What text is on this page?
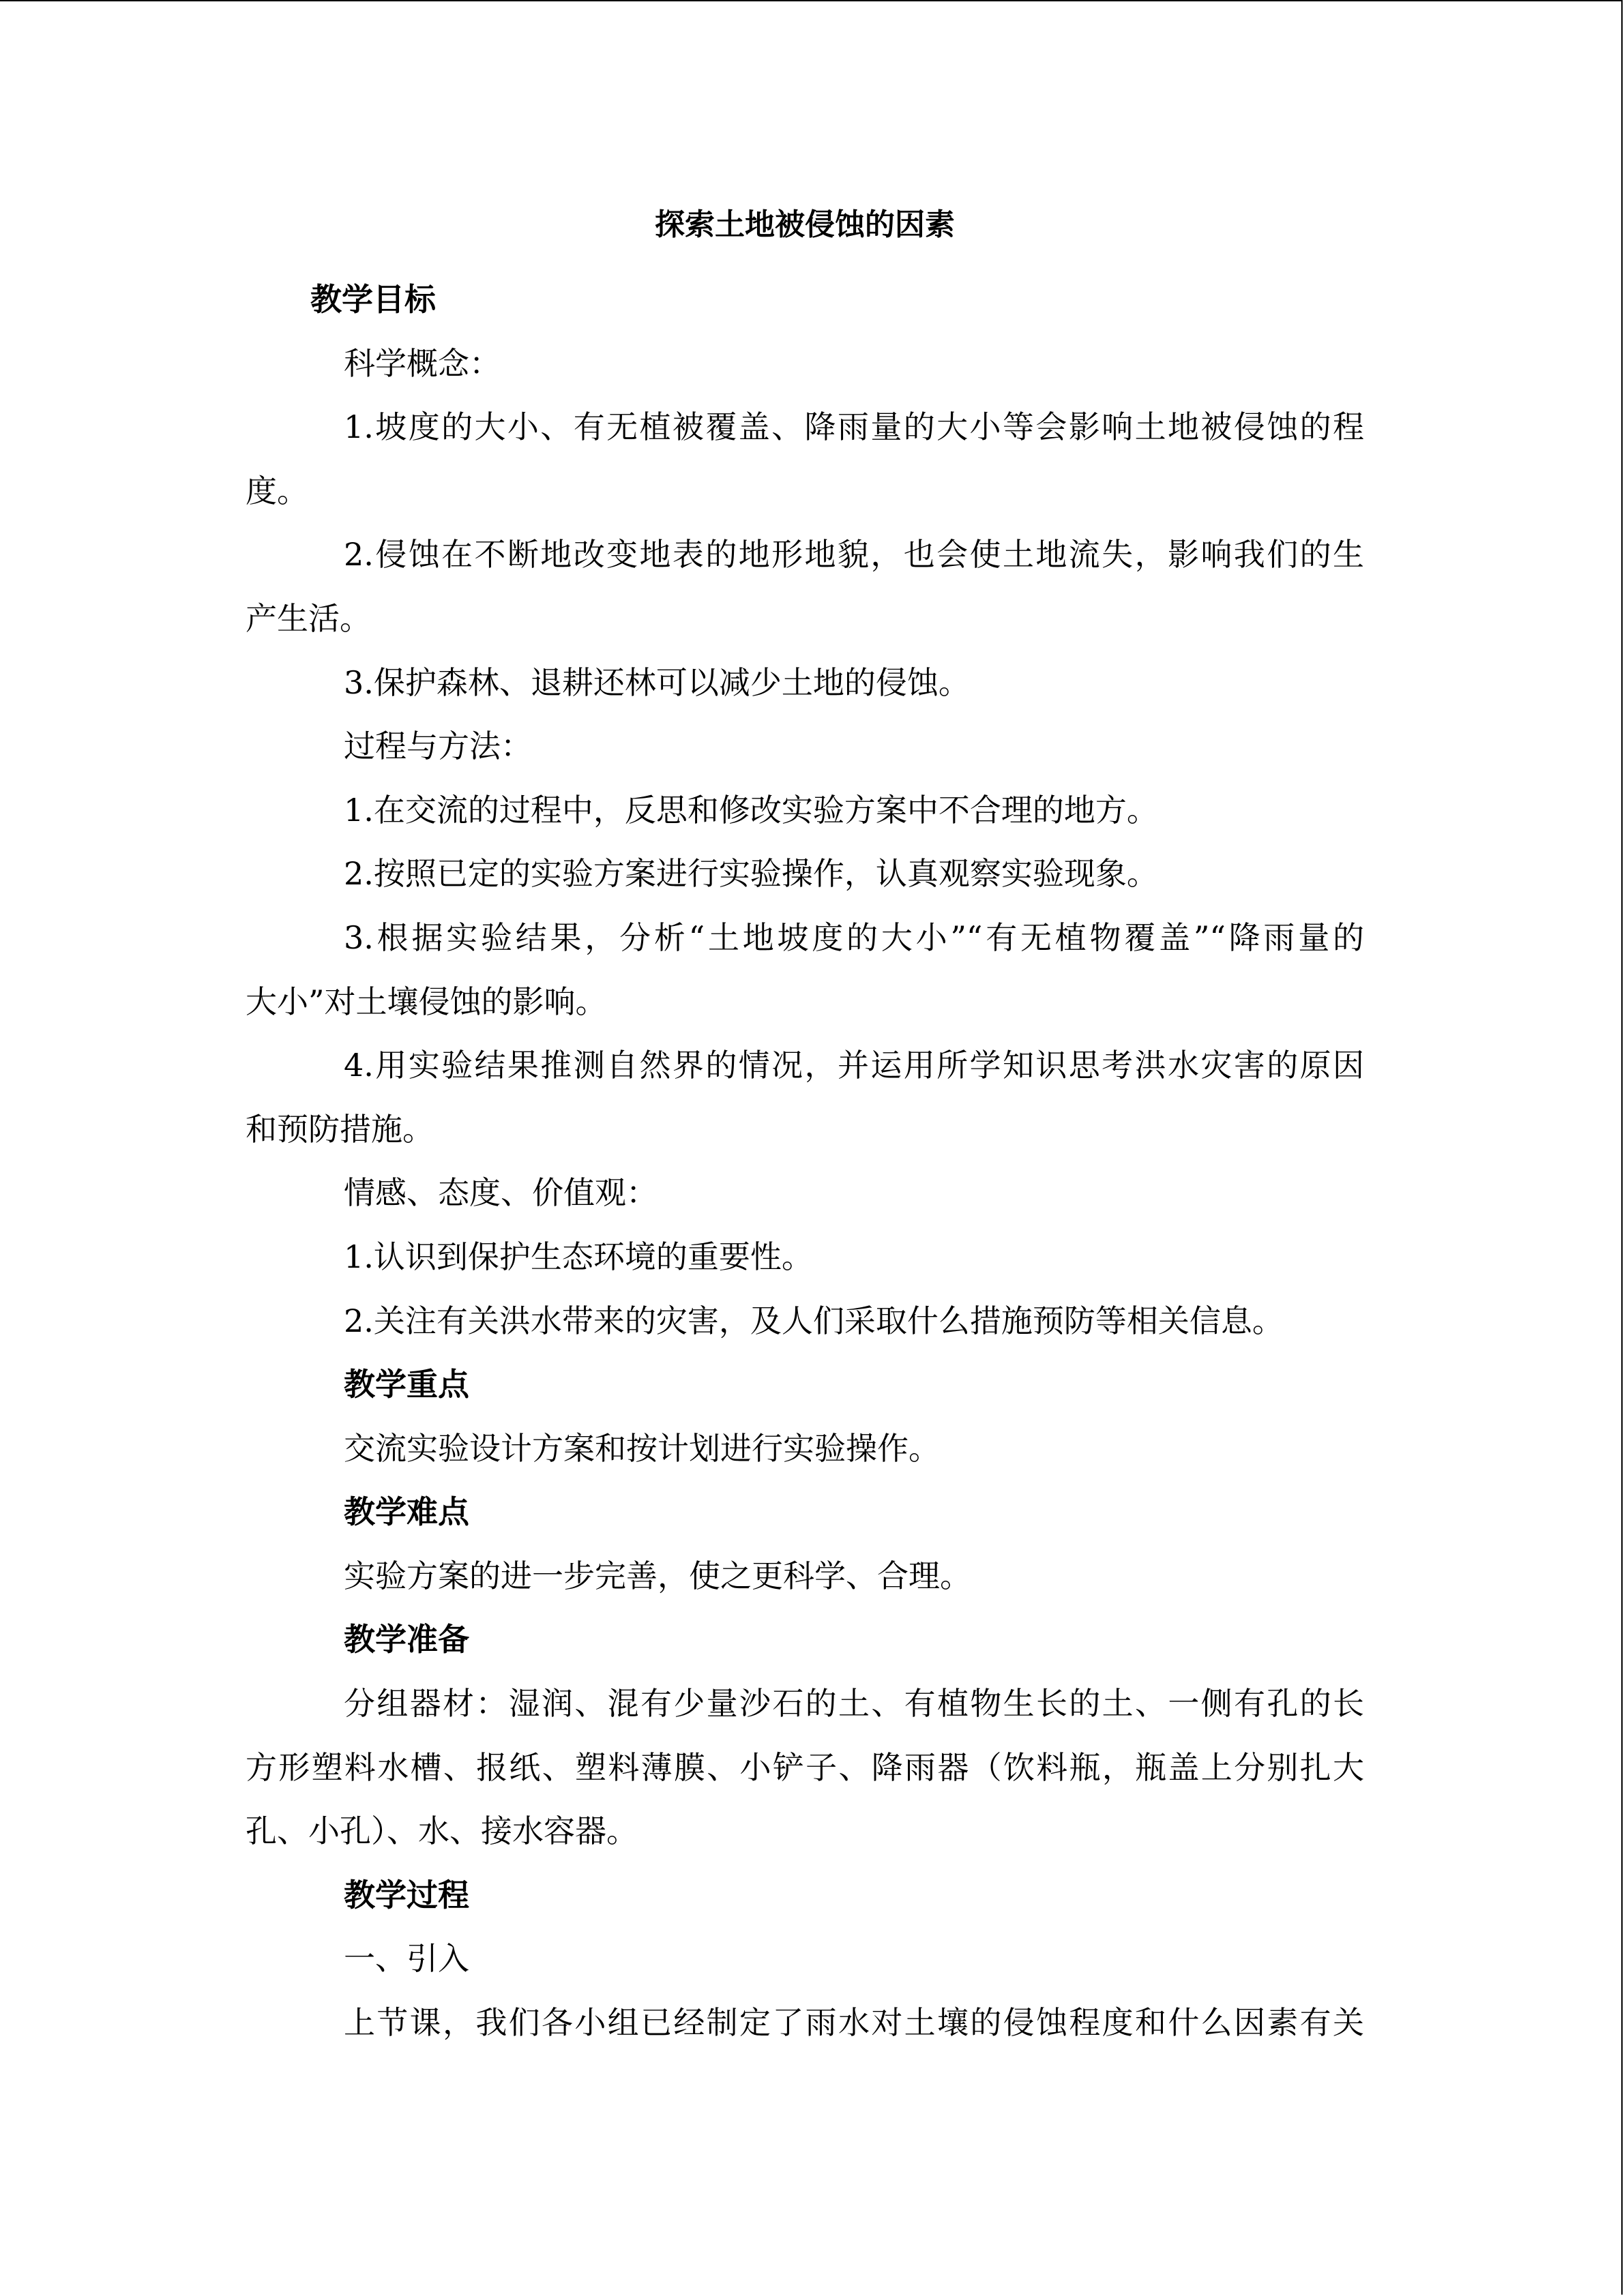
探索土地被侵蚀的因素

教学目标

科学概念：

1.坡度的大小、有无植被覆盖、降雨量的大小等会影响土地被侵蚀的程

度。

2.侵蚀在不断地改变地表的地形地貌，也会使土地流失，影响我们的生

产生活。

3.保护森林、退耕还林可以减少土地的侵蚀。

过程与方法：

1.在交流的过程中，反思和修改实验方案中不合理的地方。

2.按照已定的实验方案进行实验操作，认真观察实验现象。

3.根据实验结果，分析“土地坡度的大小”“有无植物覆盖”“降雨量的

大小”对土壤侵蚀的影响。

4.用实验结果推测自然界的情况，并运用所学知识思考洪水灾害的原因

和预防措施。

情感、态度、价值观：

1.认识到保护生态环境的重要性。

2.关注有关洪水带来的灾害，及人们采取什么措施预防等相关信息。

教学重点

交流实验设计方案和按计划进行实验操作。

教学难点

实验方案的进一步完善，使之更科学、合理。

教学准备

分组器材：湿润、混有少量沙石的土、有植物生长的土、一侧有孔的长

方形塑料水槽、报纸、塑料薄膜、小铲子、降雨器（饮料瓶，瓶盖上分别扎大

孔、小孔）、水、接水容器。

教学过程

一、引入

上节课，我们各小组已经制定了雨水对土壤的侵蚀程度和什么因素有关
